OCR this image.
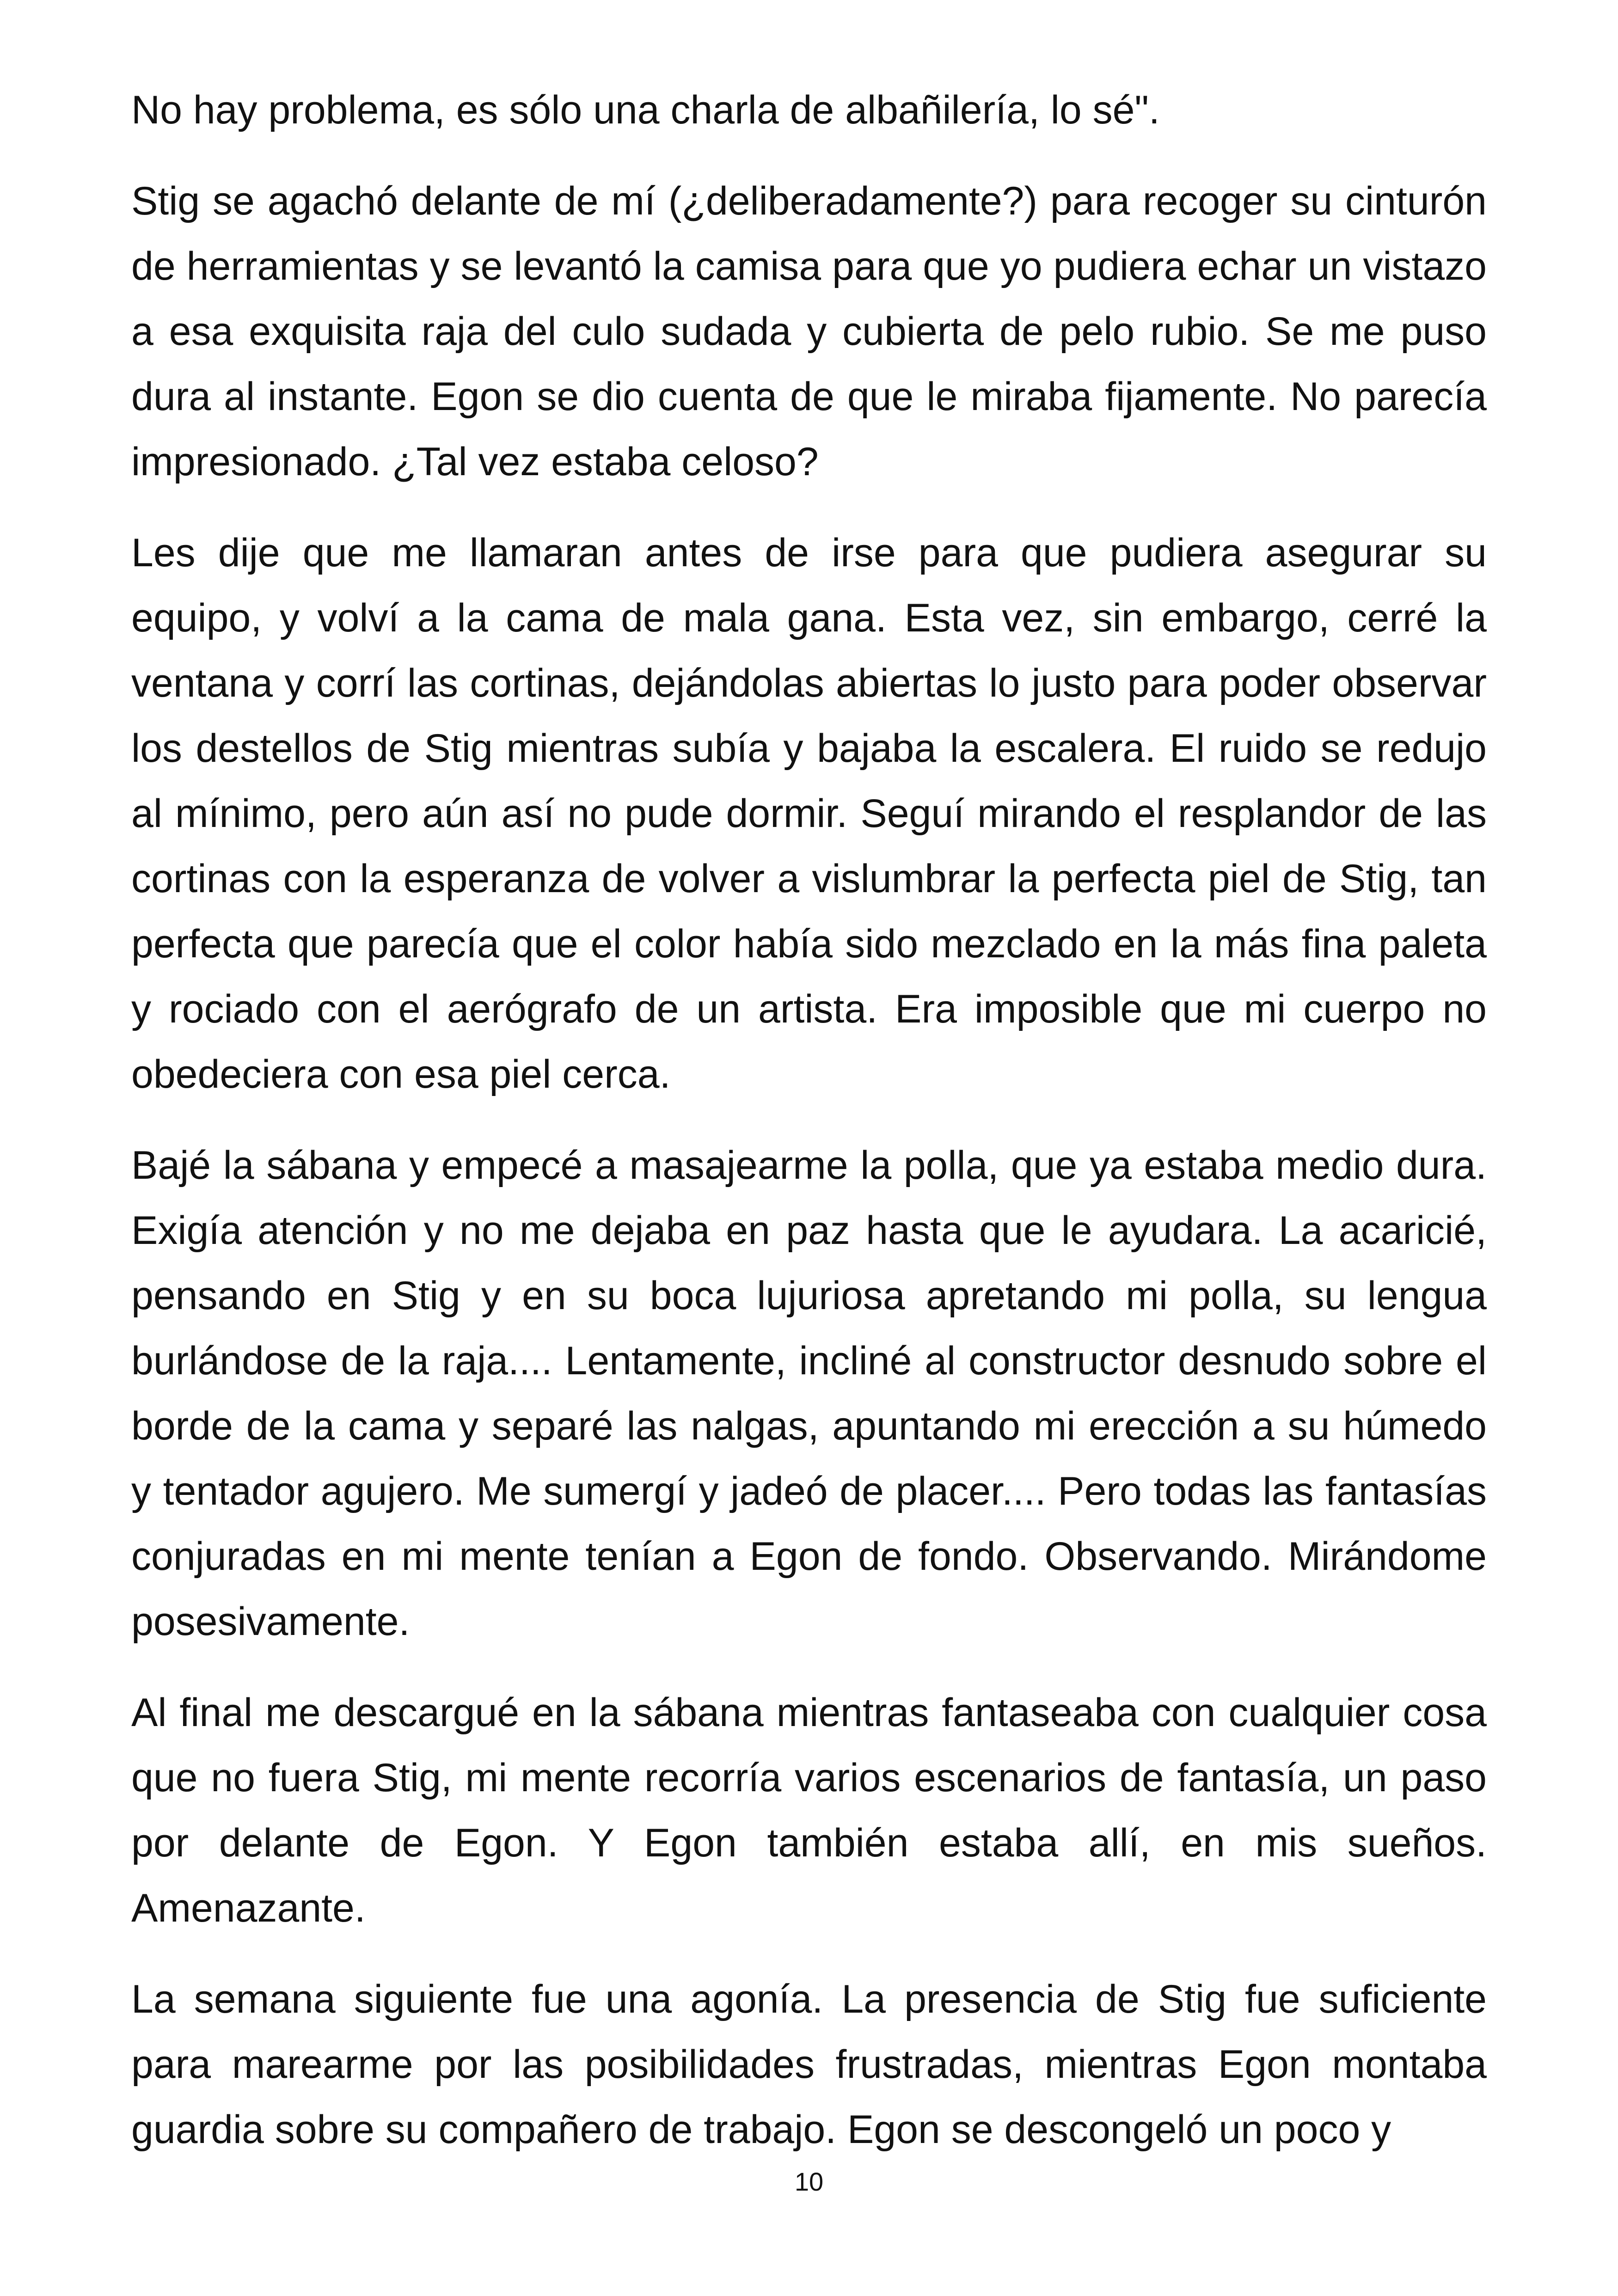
No hay problema, es sólo una charla de albañilería, lo sé".

Stig se agachó delante de mí (¿deliberadamente?) para recoger su cinturón de herramientas y se levantó la camisa para que yo pudiera echar un vistazo a esa exquisita raja del culo sudada y cubierta de pelo rubio. Se me puso dura al instante. Egon se dio cuenta de que le miraba fijamente. No parecía impresionado. ¿Tal vez estaba celoso?

Les dije que me llamaran antes de irse para que pudiera asegurar su equipo, y volví a la cama de mala gana. Esta vez, sin embargo, cerré la ventana y corrí las cortinas, dejándolas abiertas lo justo para poder observar los destellos de Stig mientras subía y bajaba la escalera. El ruido se redujo al mínimo, pero aún así no pude dormir. Seguí mirando el resplandor de las cortinas con la esperanza de volver a vislumbrar la perfecta piel de Stig, tan perfecta que parecía que el color había sido mezclado en la más fina paleta y rociado con el aerógrafo de un artista. Era imposible que mi cuerpo no obedeciera con esa piel cerca.

Bajé la sábana y empecé a masajearme la polla, que ya estaba medio dura. Exigía atención y no me dejaba en paz hasta que le ayudara. La acaricié, pensando en Stig y en su boca lujuriosa apretando mi polla, su lengua burlándose de la raja.... Lentamente, incliné al constructor desnudo sobre el borde de la cama y separé las nalgas, apuntando mi erección a su húmedo y tentador agujero. Me sumergí y jadeó de placer.... Pero todas las fantasías conjuradas en mi mente tenían a Egon de fondo. Observando. Mirándome posesivamente.

Al final me descargué en la sábana mientras fantaseaba con cualquier cosa que no fuera Stig, mi mente recorría varios escenarios de fantasía, un paso por delante de Egon. Y Egon también estaba allí, en mis sueños. Amenazante.

La semana siguiente fue una agonía. La presencia de Stig fue suficiente para marearme por las posibilidades frustradas, mientras Egon montaba guardia sobre su compañero de trabajo. Egon se descongeló un poco y

10
